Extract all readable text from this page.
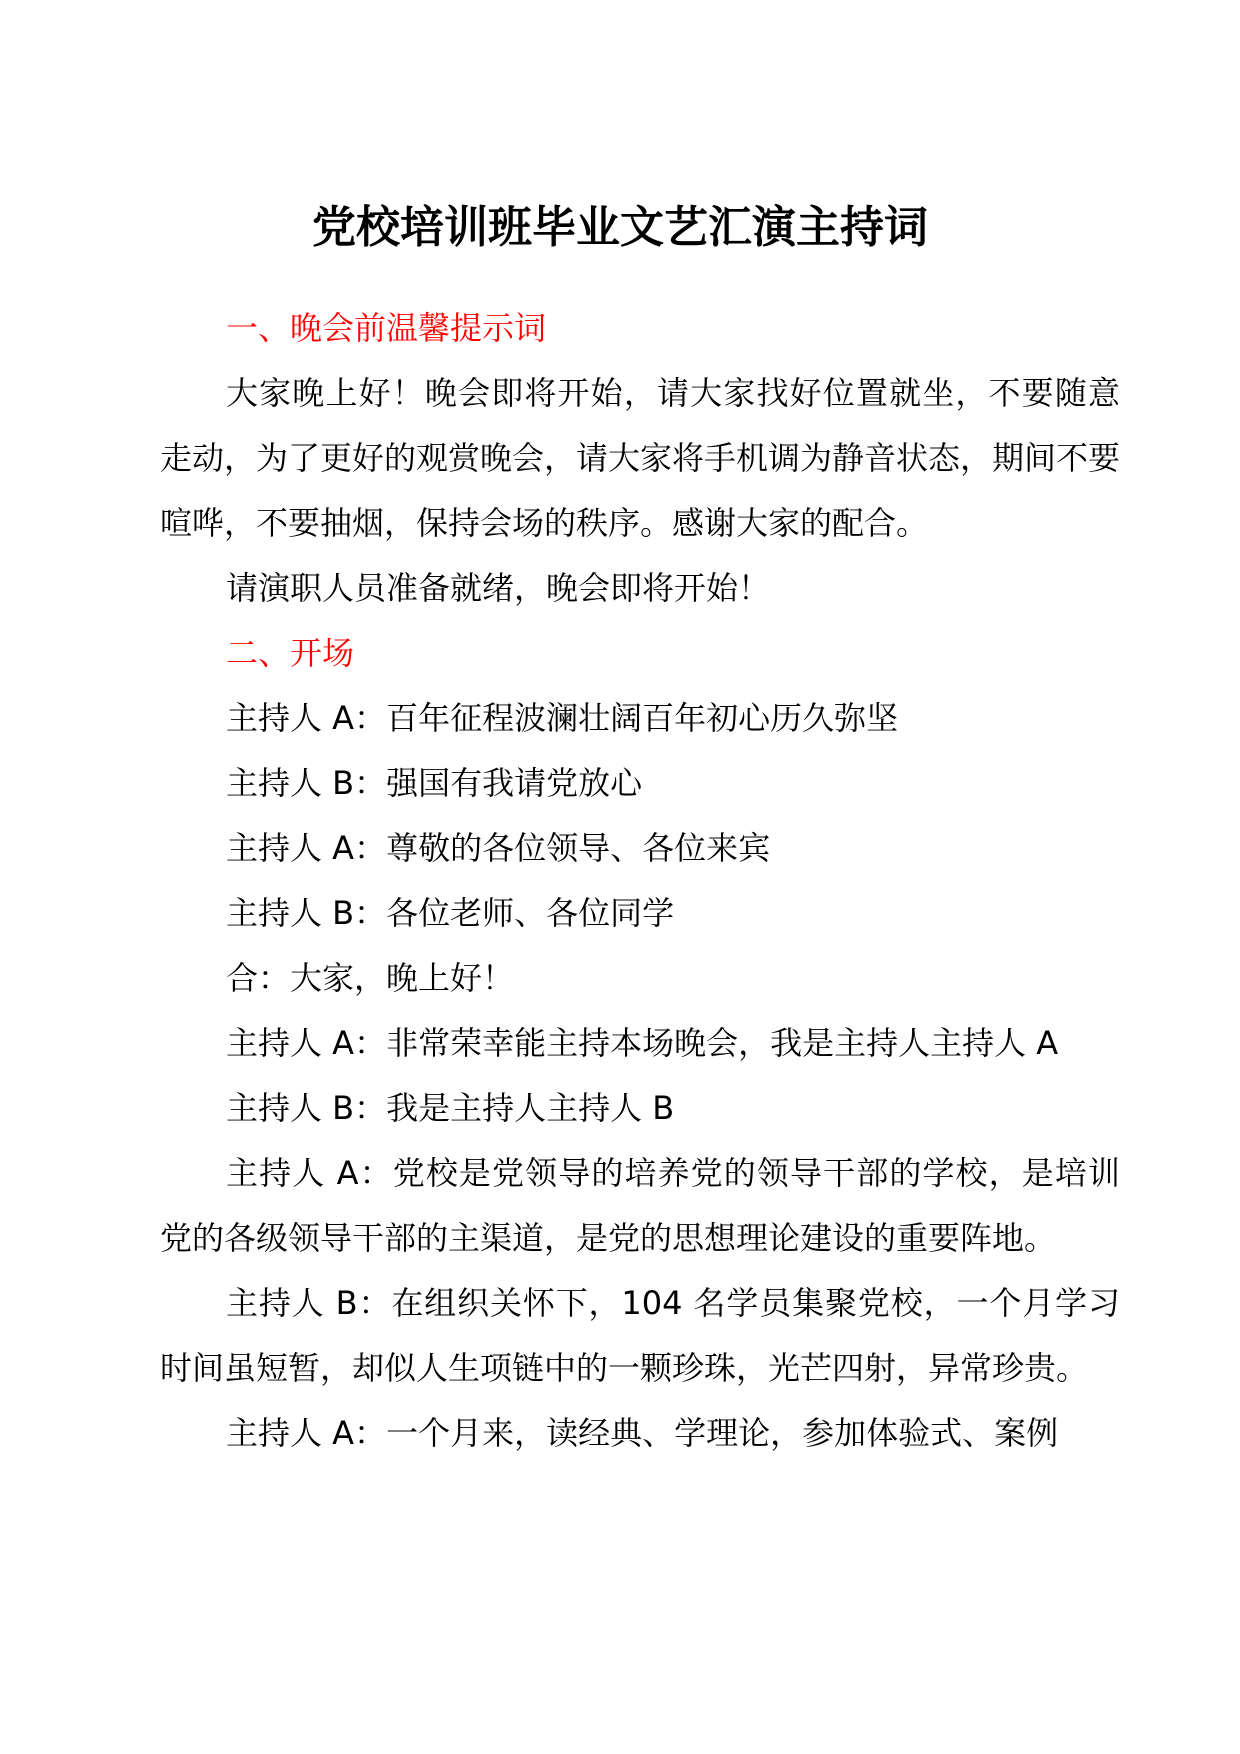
党校培训班毕业文艺汇演主持词

一、晚会前温馨提示词

大家晚上好！晚会即将开始，请大家找好位置就坐，不要随意走动，为了更好的观赏晚会，请大家将手机调为静音状态，期间不要喧哗，不要抽烟，保持会场的秩序。感谢大家的配合。

请演职人员准备就绪，晚会即将开始！

二、开场

主持人 A：百年征程波澜壮阔百年初心历久弥坚

主持人 B：强国有我请党放心

主持人 A：尊敬的各位领导、各位来宾

主持人 B：各位老师、各位同学

合：大家，晚上好！

主持人 A：非常荣幸能主持本场晚会，我是主持人主持人 A

主持人 B：我是主持人主持人 B

主持人 A：党校是党领导的培养党的领导干部的学校，是培训党的各级领导干部的主渠道，是党的思想理论建设的重要阵地。

主持人 B：在组织关怀下，104 名学员集聚党校，一个月学习时间虽短暂，却似人生项链中的一颗珍珠，光芒四射，异常珍贵。

主持人 A：一个月来，读经典、学理论，参加体验式、案例
